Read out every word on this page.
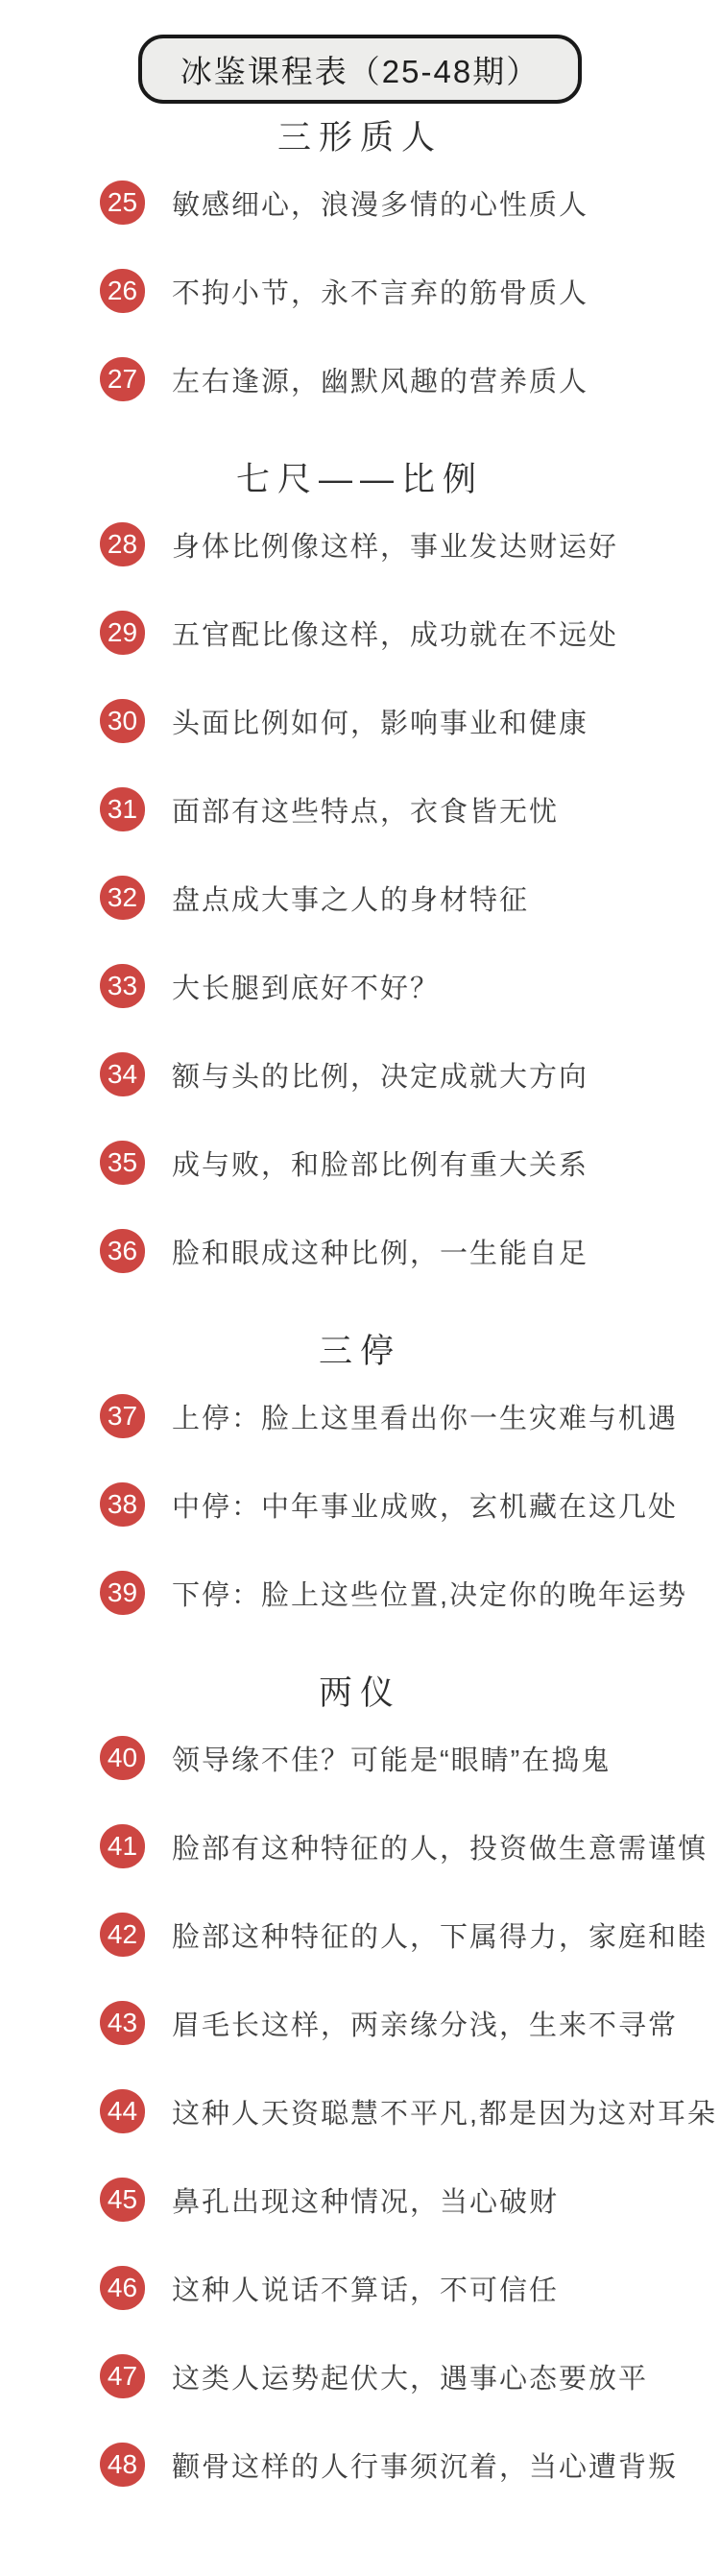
冰鉴课程表（25-48期）
三形质人
25 敏感细心，浪漫多情的心性质人
26 不拘小节，永不言弃的筋骨质人
27 左右逢源，幽默风趣的营养质人
七尺——比例
28 身体比例像这样，事业发达财运好
29 五官配比像这样，成功就在不远处
30 头面比例如何，影响事业和健康
31 面部有这些特点，衣食皆无忧
32 盘点成大事之人的身材特征
33 大长腿到底好不好？
34 额与头的比例，决定成就大方向
35 成与败，和脸部比例有重大关系
36 脸和眼成这种比例，一生能自足
三停
37 上停：脸上这里看出你一生灾难与机遇
38 中停：中年事业成败，玄机藏在这几处
39 下停：脸上这些位置,决定你的晚年运势
两仪
40 领导缘不佳？可能是“眼睛”在捣鬼
41 脸部有这种特征的人，投资做生意需谨慎
42 脸部这种特征的人，下属得力，家庭和睦
43 眉毛长这样，两亲缘分浅，生来不寻常
44 这种人天资聪慧不平凡,都是因为这对耳朵
45 鼻孔出现这种情况，当心破财
46 这种人说话不算话，不可信任
47 这类人运势起伏大，遇事心态要放平
48 颧骨这样的人行事须沉着，当心遭背叛
